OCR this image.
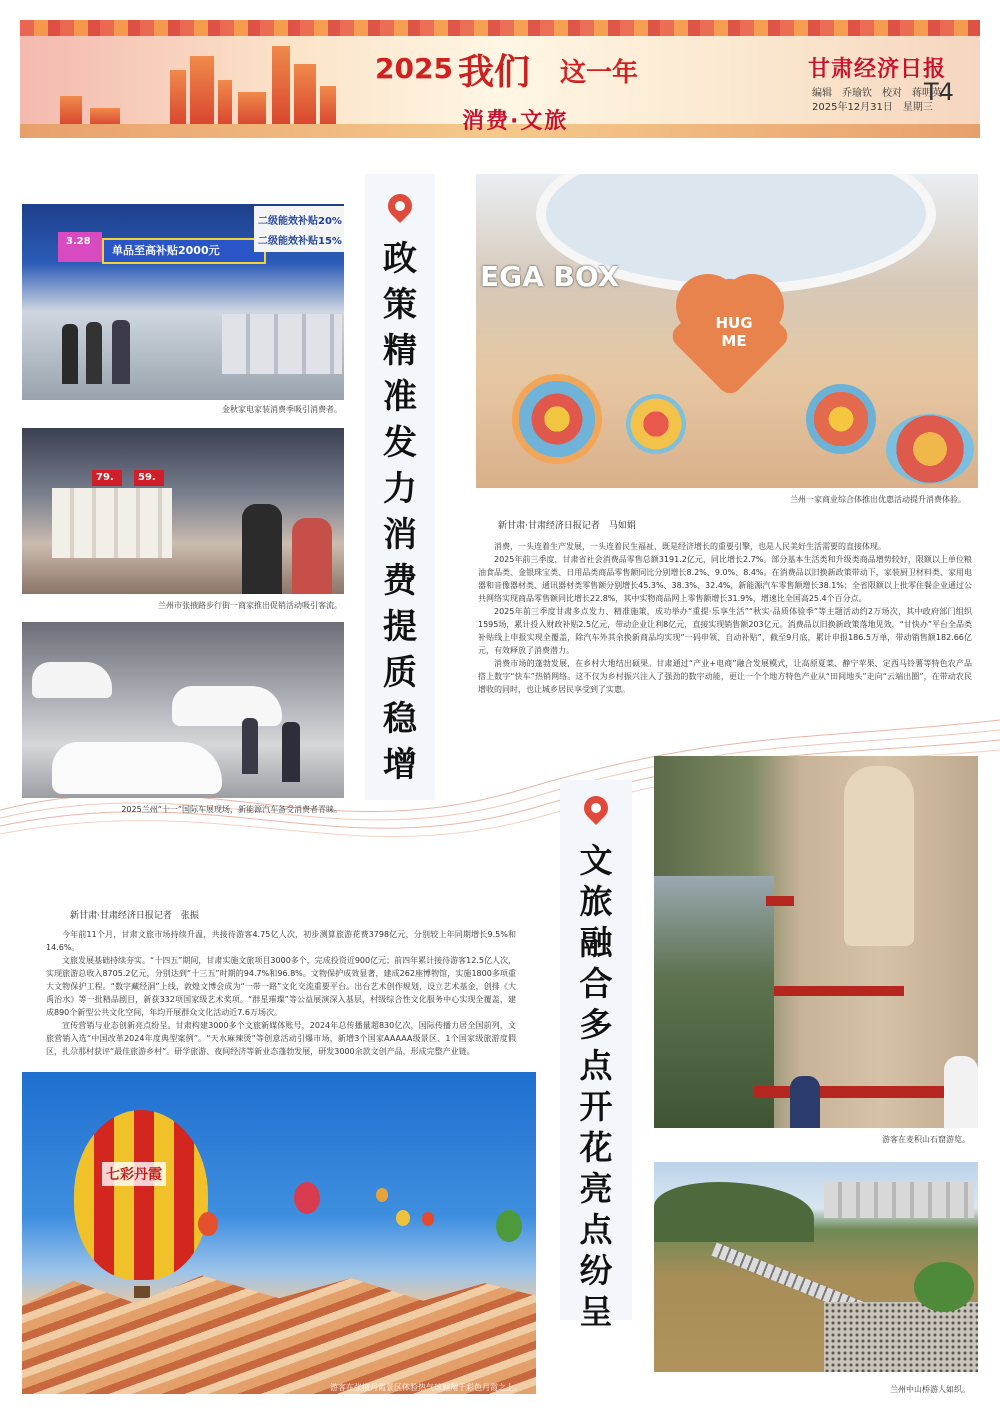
2025 我们 这一年
消费·文旅
甘肃经济日报
编辑　乔瑜钦　校对　蒋明英
2025年12月31日　星期三
T4
单品至高补贴2000元
二级能效补贴20%
二级能效补贴15%
3.28
金秋家电家装消费季吸引消费者。
79. 59.
兰州市张掖路步行街一商家推出促销活动吸引客流。
2025兰州“十一”国际车展现场，新能源汽车备受消费者青睐。
政
策
精
准
发
力
消
费
提
质
稳
增
EGA BOX
HUG ME
兰州一家商业综合体推出优惠活动提升消费体验。
新甘肃·甘肃经济日报记者　马如娟

消费，一头连着生产发展，一头连着民生福祉，既是经济增长的重要引擎，也是人民美好生活需要的直接体现。

2025年前三季度，甘肃省社会消费品零售总额3191.2亿元，同比增长2.7%。部分基本生活类和升级类商品增势较好，限额以上单位粮油食品类、金银珠宝类、日用品类商品零售额同比分别增长8.2%、9.0%、8.4%。在消费品以旧换新政策带动下，家装厨卫材料类、家用电器和音像器材类、通讯器材类零售额分别增长45.3%、38.3%、32.4%，新能源汽车零售额增长38.1%；全省限额以上批零住餐企业通过公共网络实现商品零售额同比增长22.8%，其中实物商品网上零售额增长31.9%，增速比全国高25.4个百分点。

2025年前三季度甘肃多点发力、精准施策，成功举办“重提·乐享生活”“秋实·品质体验季”等主题活动约2万场次，其中政府部门组织1595场，累计投入财政补贴2.5亿元，带动企业让利8亿元，直接实现销售额203亿元。消费品以旧换新政策落地见效，“甘快办”平台全品类补贴线上申报实现全覆盖，除汽车外其余换新商品均实现“一码申领、自动补贴”，截至9月底，累计申报186.5万单，带动销售额182.66亿元，有效释放了消费潜力。

消费市场的蓬勃发展，在乡村大地结出硕果。甘肃通过“产业+电商”融合发展模式，让高原夏菜、静宁苹果、定西马铃薯等特色农产品搭上数字“快车”热销网络。这不仅为乡村振兴注入了强劲的数字动能，更让一个个地方特色产业从“田间地头”走向“云端出圈”，在带动农民增收的同时，也让城乡居民享受到了实惠。

文
旅
融
合
多
点
开
花
亮
点
纷
呈
游客在麦积山石窟游览。
兰州中山桥游人如织。
新甘肃·甘肃经济日报记者　张振

今年前11个月，甘肃文旅市场持续升温，共接待游客4.75亿人次，初步测算旅游花费3798亿元，分别较上年同期增长9.5%和14.6%。

文旅发展基础持续夯实。“十四五”期间，甘肃实施文旅项目3000多个，完成投资近900亿元；前四年累计接待游客12.5亿人次，实现旅游总收入8705.2亿元，分别达到“十三五”时期的94.7%和96.8%。文物保护成效显著，建成262座博物馆，实施1800多项重大文物保护工程。“数字藏经洞”上线，敦煌文博会成为“一带一路”文化交流重要平台。出台艺术创作规划，设立艺术基金，创排《大禹治水》等一批精品剧目，新获332项国家级艺术奖项。“群星璀璨”等公益展演深入基层，村级综合性文化服务中心实现全覆盖，建成890个新型公共文化空间，年均开展群众文化活动近7.6万场次。

宣传营销与业态创新亮点纷呈。甘肃构建3000多个文旅新媒体账号，2024年总传播量超830亿次，国际传播力居全国前列，文旅营销入选“中国改革2024年度典型案例”。“天水麻辣烫”等创意活动引爆市场，新增3个国家AAAAA级景区、1个国家级旅游度假区，扎尕那村获评“最佳旅游乡村”。研学旅游、夜间经济等新业态蓬勃发展，研发3000余款文创产品，形成完整产业链。

七彩丹霞
游客在张掖丹霞景区体验热气球翱翔于彩色丹霞之上。
